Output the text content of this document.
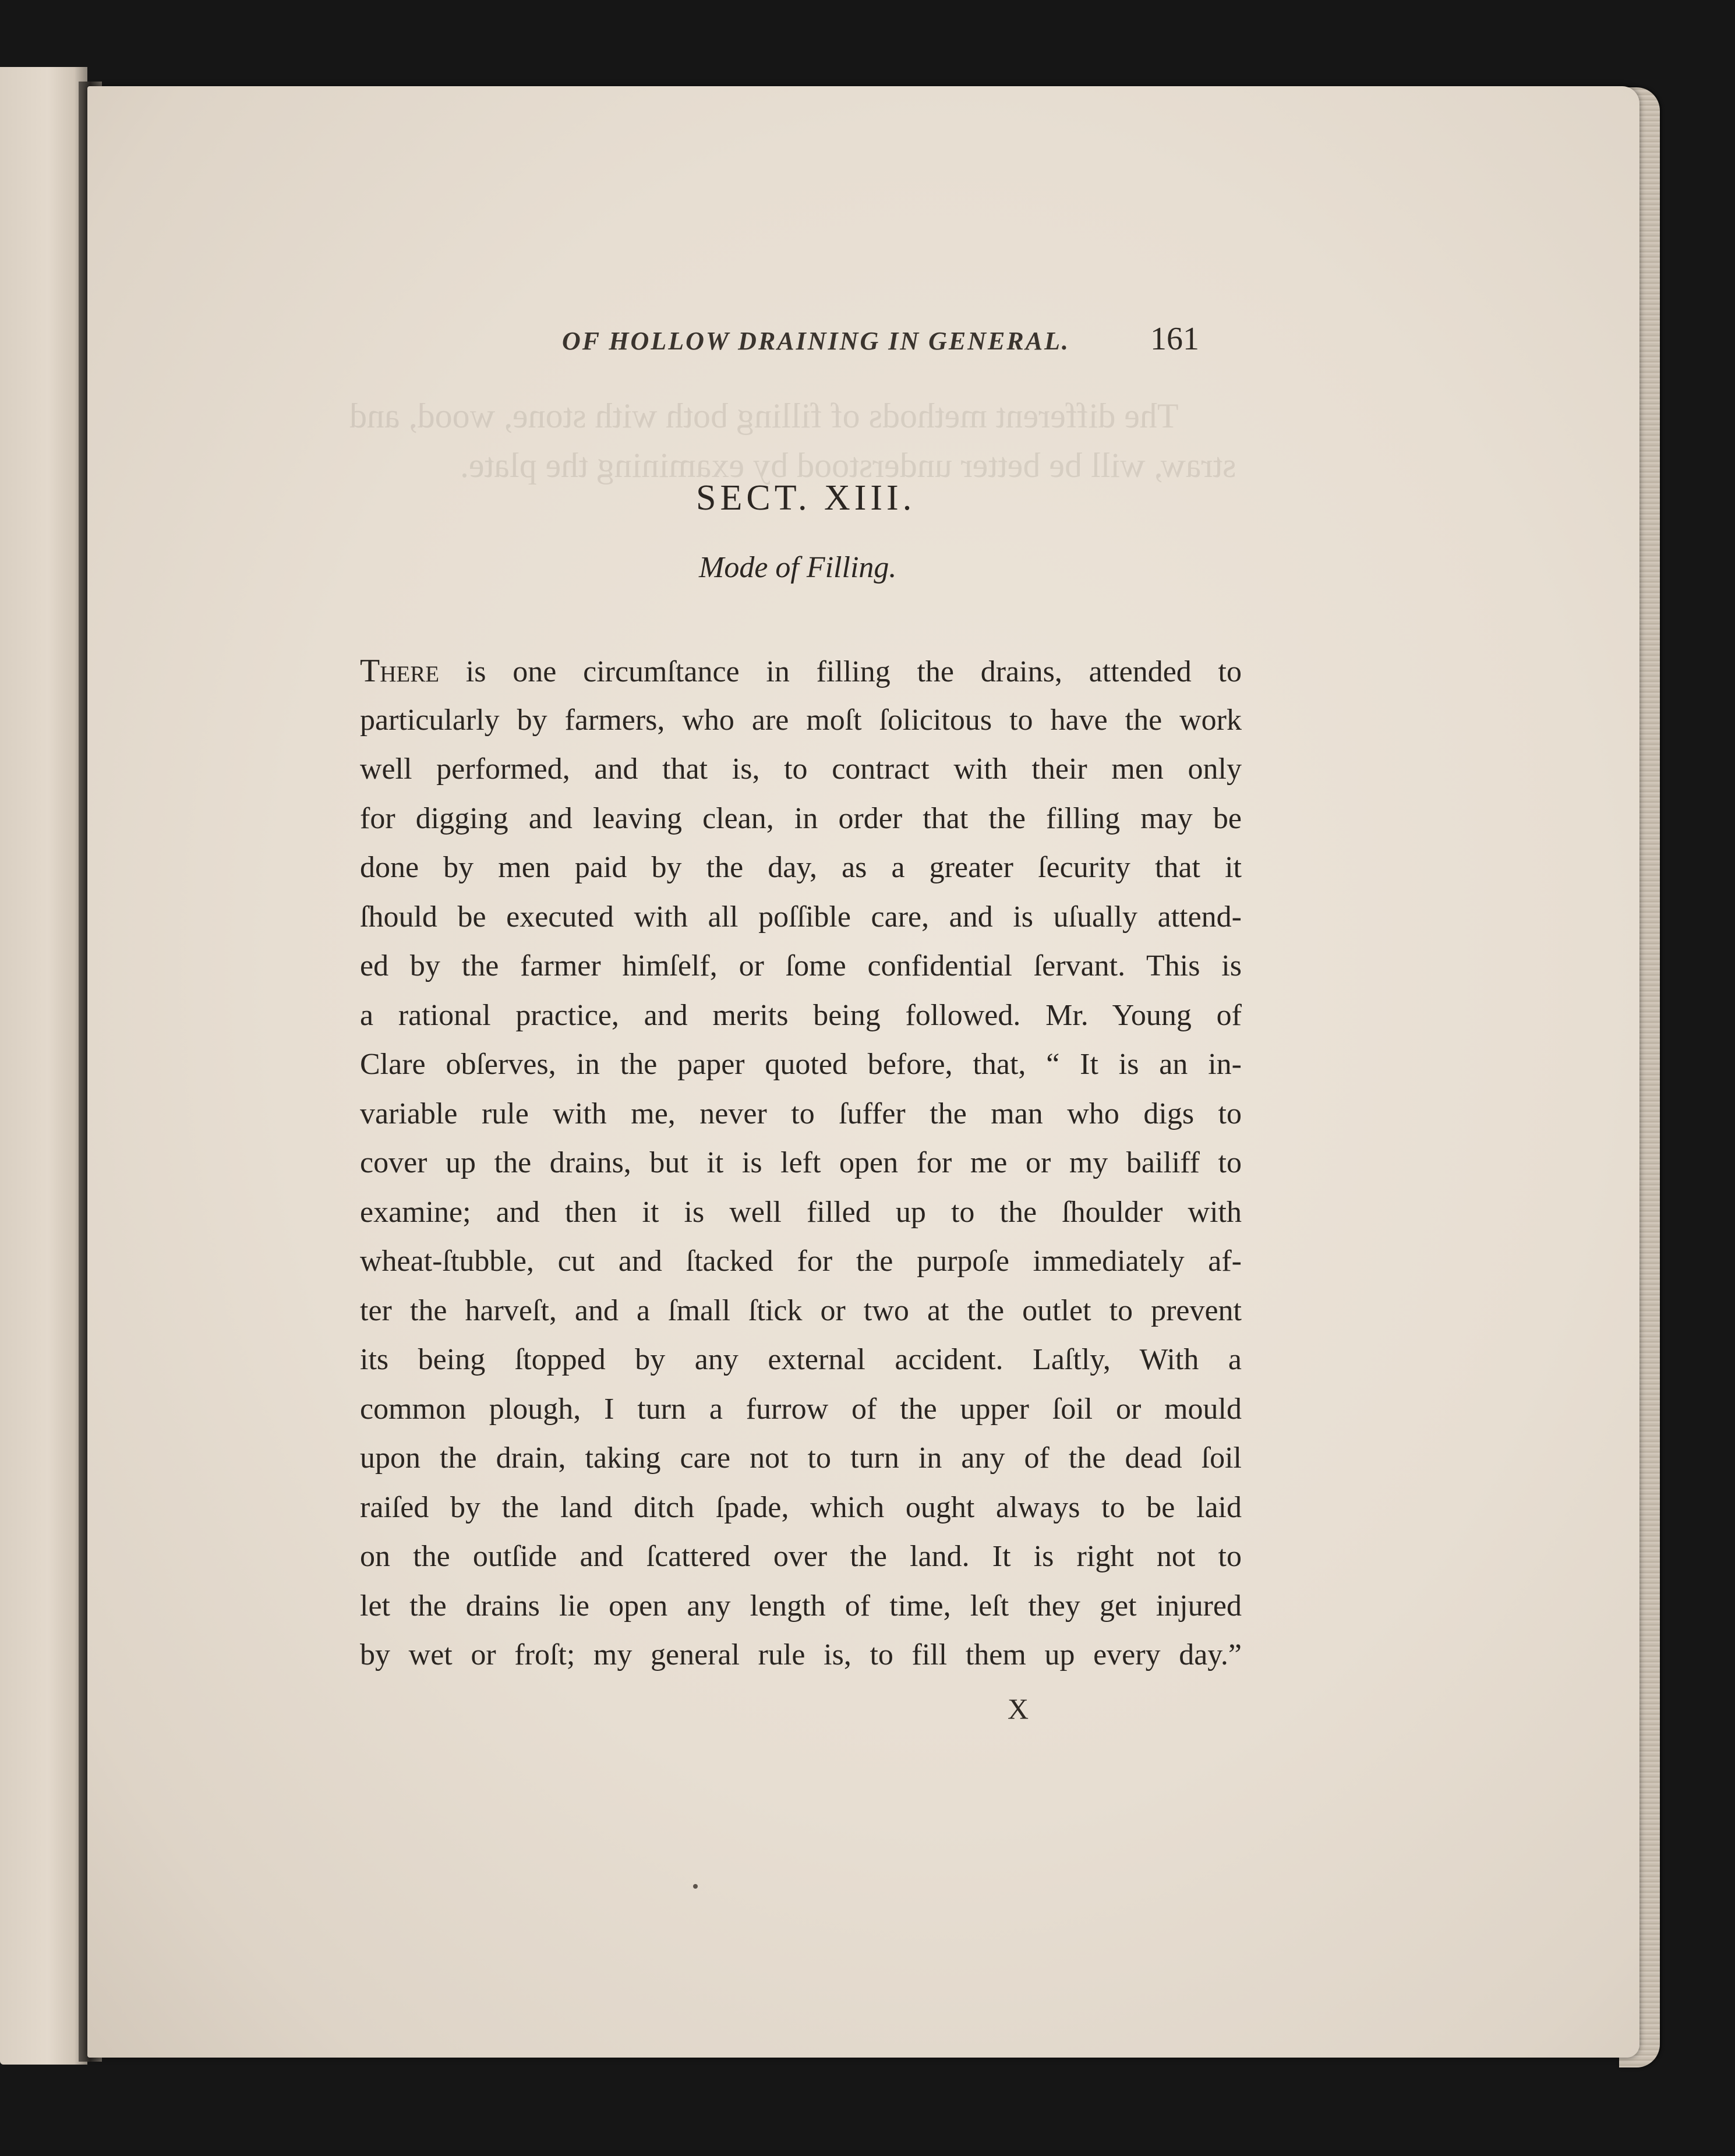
OF HOLLOW DRAINING IN GENERAL. 161
The different methods of filling both with stone, wood, and
straw, will be better understood by examining the plate.
SECT. XIII.
Mode of Filling.
There is one circumſtance in filling the drains, attended to
particularly by farmers, who are moſt ſolicitous to have the work
well performed, and that is, to contract with their men only
for digging and leaving clean, in order that the filling may be
done by men paid by the day, as a greater ſecurity that it
ſhould be executed with all poſſible care, and is uſually attend-
ed by the farmer himſelf, or ſome confidential ſervant. This is
a rational practice, and merits being followed. Mr. Young of
Clare obſerves, in the paper quoted before, that, “ It is an in-
variable rule with me, never to ſuffer the man who digs to
cover up the drains, but it is left open for me or my bailiff to
examine; and then it is well filled up to the ſhoulder with
wheat-ſtubble, cut and ſtacked for the purpoſe immediately af-
ter the harveſt, and a ſmall ſtick or two at the outlet to prevent
its being ſtopped by any external accident. Laſtly, With a
common plough, I turn a furrow of the upper ſoil or mould
upon the drain, taking care not to turn in any of the dead ſoil
raiſed by the land ditch ſpade, which ought always to be laid
on the outſide and ſcattered over the land. It is right not to
let the drains lie open any length of time, leſt they get injured
by wet or froſt; my general rule is, to fill them up every day.”
X
